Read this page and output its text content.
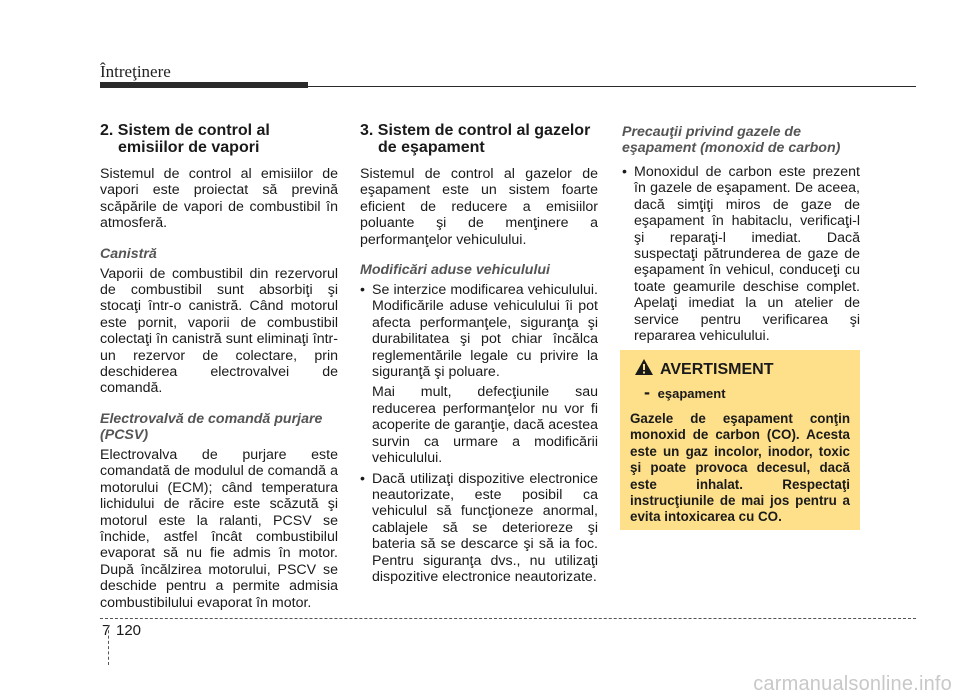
Întreţinere
2. Sistem de control al
emisiilor de vapori

Sistemul de control al emisiilor de vapori este proiectat să prevină scăpările de vapori de combustibil în atmosferă.

Canistră

Vaporii de combustibil din rezervorul de combustibil sunt absorbiţi şi stocaţi într-o canistră. Când motorul este pornit, vaporii de combustibil colectaţi în canistră sunt eliminaţi într-un rezervor de colectare, prin deschiderea electrovalvei de comandă.

Electrovalvă de comandă purjare (PCSV)

Electrovalva de purjare este comandată de modulul de comandă a motorului (ECM); când temperatura lichidului de răcire este scăzută şi motorul este la ralanti, PCSV se închide, astfel încât combustibilul evaporat să nu fie admis în motor. După încălzirea motorului, PSCV se deschide pentru a permite admisia combustibilului evaporat în motor.

3. Sistem de control al gazelor
de eşapament

Sistemul de control al gazelor de eşapament este un sistem foarte eficient de reducere a emisiilor poluante şi de menţinere a performanţelor vehiculului.

Modificări aduse vehiculului
• Se interzice modificarea vehiculului. Modificările aduse vehiculului îi pot afecta performanţele, siguranţa şi durabilitatea şi pot chiar încălca reglementările legale cu privire la siguranţă şi poluare.

Mai mult, defecţiunile sau reducerea performanţelor nu vor fi acoperite de garanţie, dacă acestea survin ca urmare a modificării vehiculului.

• Dacă utilizaţi dispozitive electronice neautorizate, este posibil ca vehiculul să funcţioneze anormal, cablajele să se deterioreze şi bateria să se descarce şi să ia foc. Pentru siguranţa dvs., nu utilizaţi dispozitive electronice neautorizate.
Precauţii privind gazele de eşapament (monoxid de carbon)
• Monoxidul de carbon este prezent în gazele de eşapament. De aceea, dacă simţiţi miros de gaze de eşapament în habitaclu, verificaţi-l şi reparaţi-l imediat. Dacă suspectaţi pătrunderea de gaze de eşapament în vehicul, conduceţi cu toate geamurile deschise complet. Apelaţi imediat la un atelier de service pentru verificarea şi repararea vehiculului.
AVERTISMENT
- eşapament
Gazele de eşapament conţin monoxid de carbon (CO). Acesta este un gaz incolor, inodor, toxic şi poate provoca decesul, dacă este inhalat. Respectaţi instrucţiunile de mai jos pentru a evita intoxicarea cu CO.
7 120
carmanualsonline.info
